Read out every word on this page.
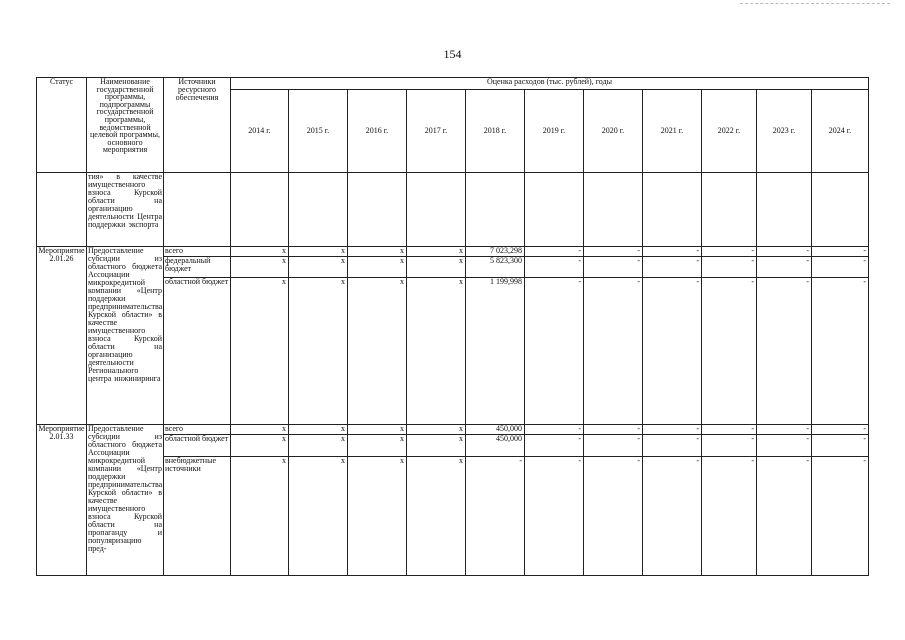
154
Статус	Наименование государственной программы, подпрограммы государственной программы, ведомственной целевой программы, основного мероприятия	Источники ресурсного обеспечения	Оценка расходов (тыс. рублей), годы										
			2014 г.	2015 г.	2016 г.	2017 г.	2018 г.	2019 г.	2020 г.	2021 г.	2022 г.	2023 г.	2024 г.
	тия» в качестве имущественного взноса Курской области на организацию деятельности Центра поддержки экспорта												
Мероприятие 2.01.26	Предоставление субсидии из областного бюджета Ассоциации микрокредитной компании «Центр поддержки предпринимательства Курской области» в качестве имущественного взноса Курской области на организацию деятельности Регионального центра инжиниринга	всего	x	x	x	x	7 023,298	-	-	-	-	-	-
		федеральный бюджет	x	x	x	x	5 823,300	-	-	-	-	-	-
		областной бюджет	x	x	x	x	1 199,998	-	-	-	-	-	-
Мероприятие 2.01.33	Предоставление субсидии из областного бюджета Ассоциации микрокредитной компании «Центр поддержки предпринимательства Курской области» в качестве имущественного взноса Курской области на пропаганду и популяризацию пред-	всего	x	x	x	x	450,000	-	-	-	-	-	-
		областной бюджет	x	x	x	x	450,000	-	-	-	-	-	-
		внебюджетные источники	x	x	x	x	-	-	-	-	-	-	-
